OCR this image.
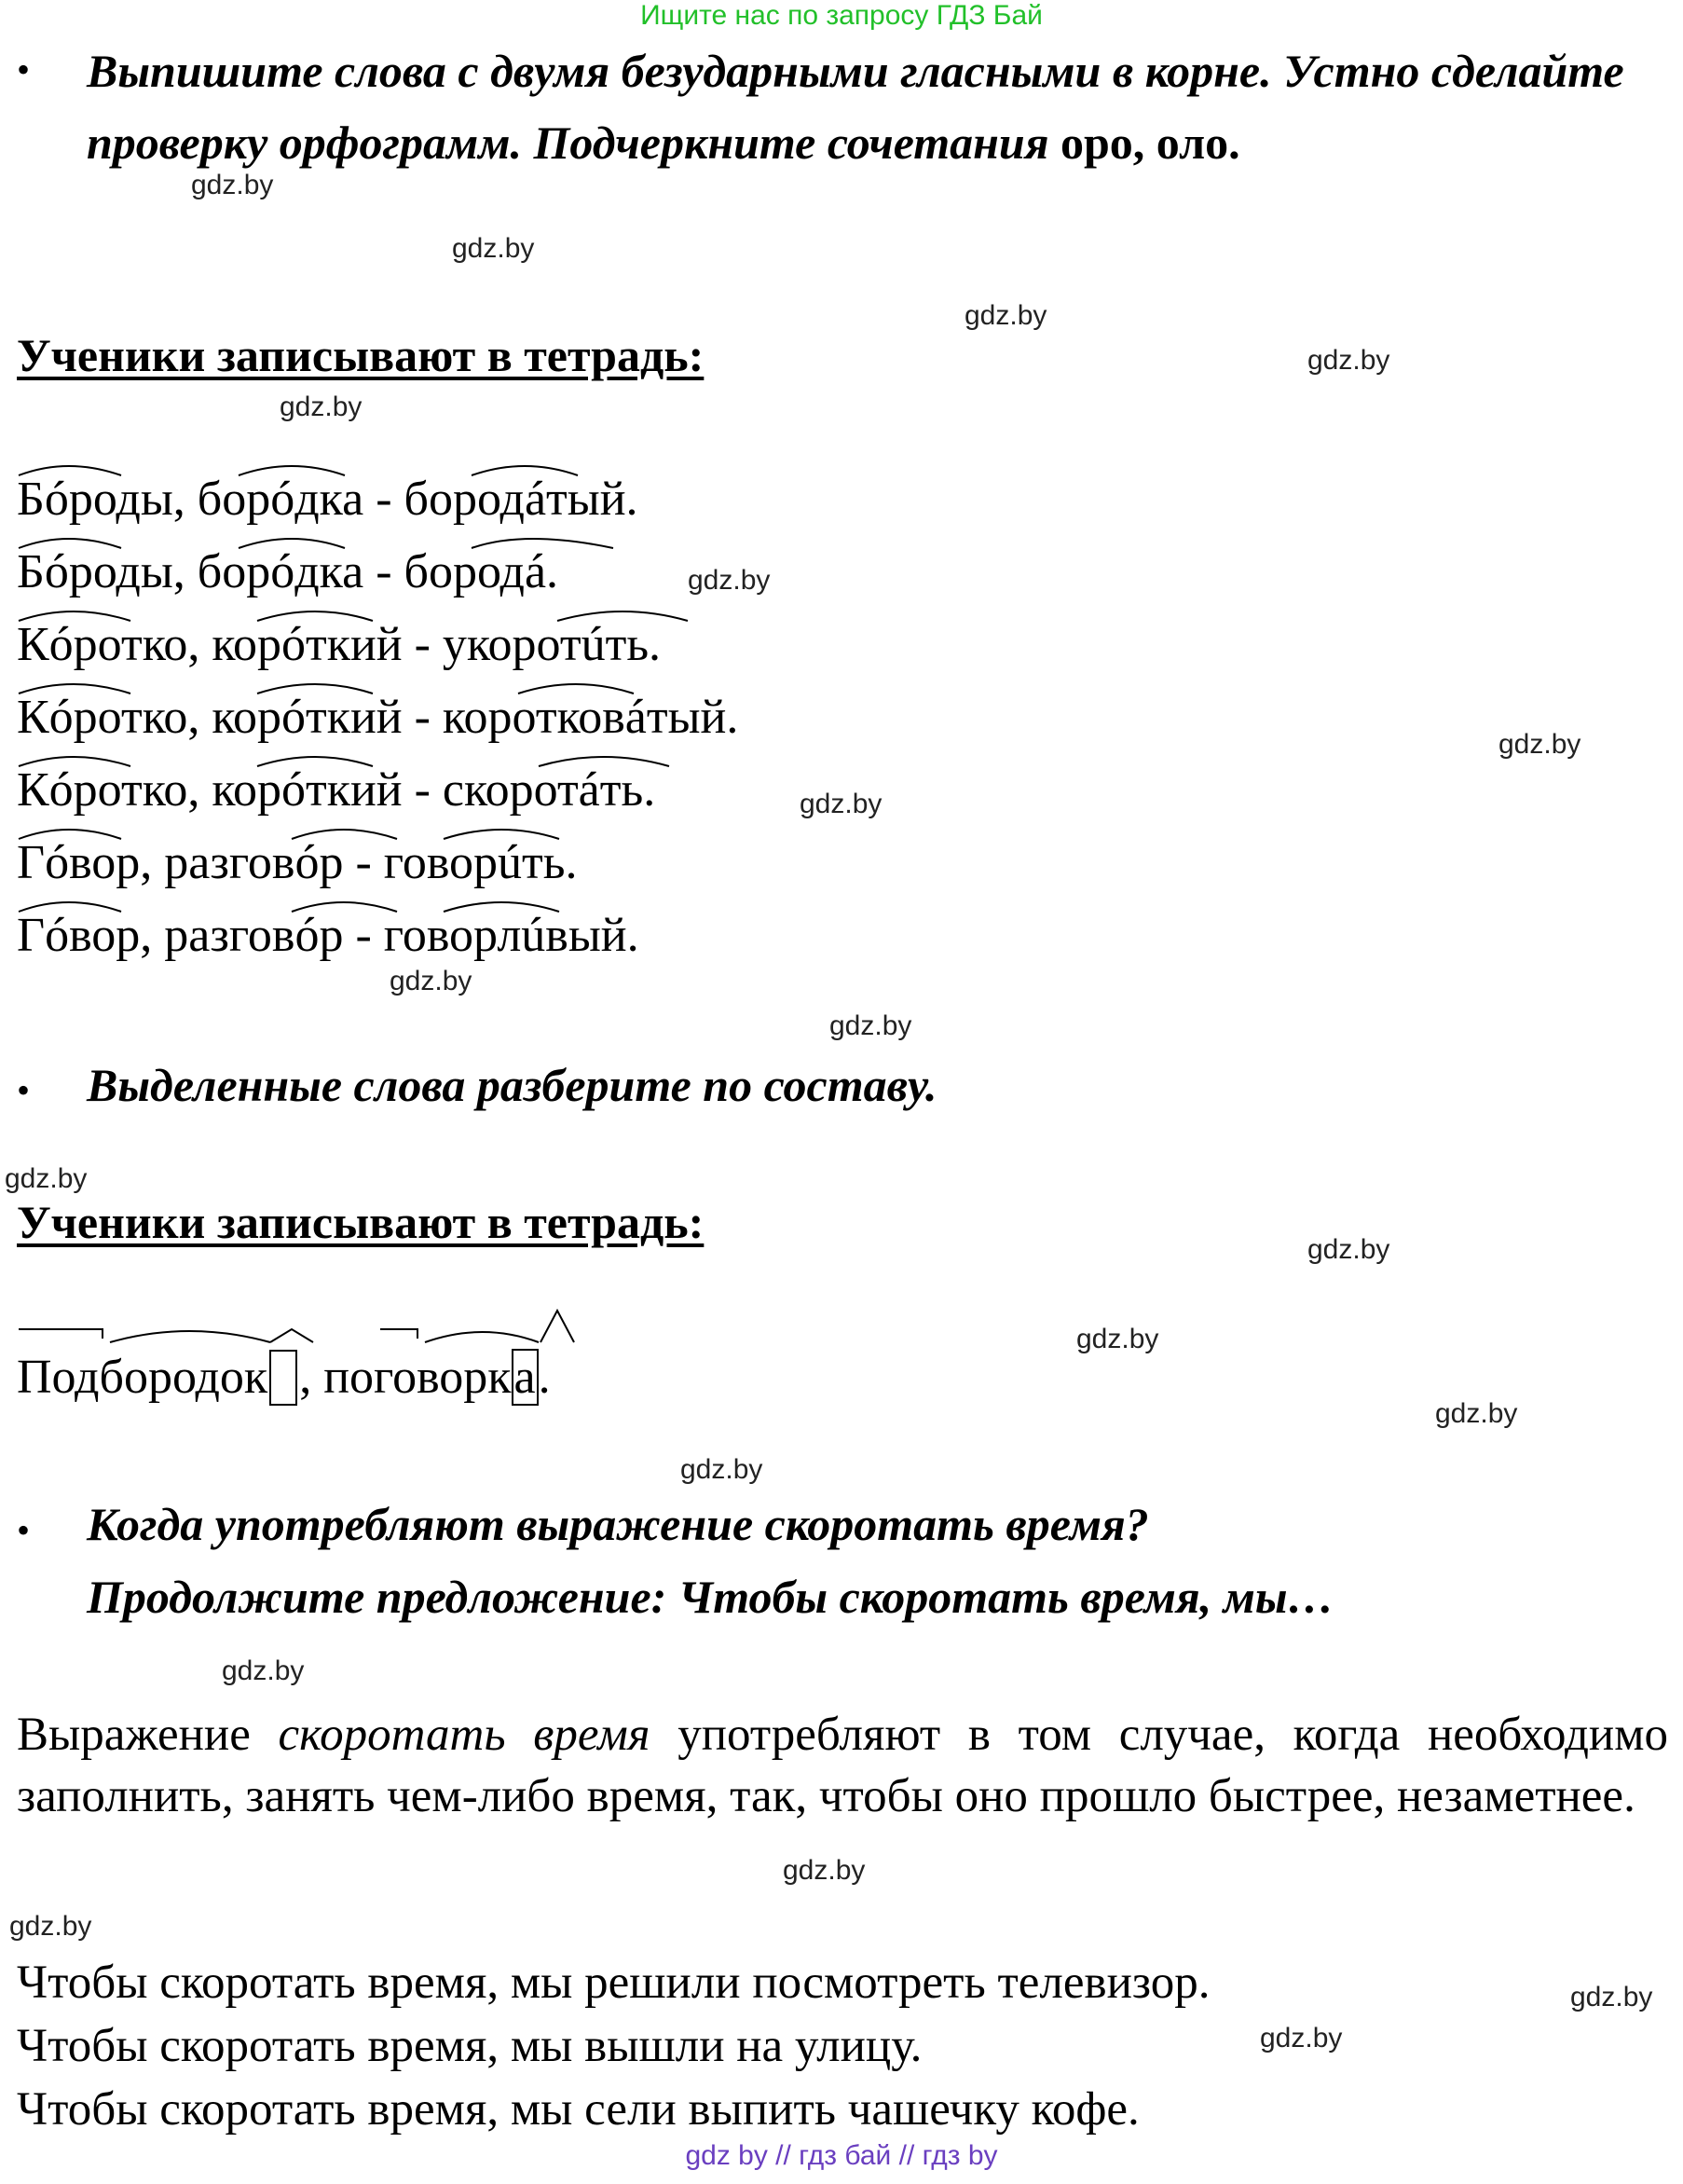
Ищите нас по запросу ГДЗ Бай
• Выпишите слова с двумя безударными гласными в корне. Устно сделайте проверку орфограмм. Подчеркните сочетания оро, оло.
Ученики записывают в тетрадь:
Бóроды, борóдка - бородáтый.
Бóроды, борóдка - бородá.
Кóротко, корóткий - укоротúть.
Кóротко, корóткий - коротковáтый.
Кóротко, корóткий - скоротáть.
Гóвор, разговóр - говорúть.
Гóвор, разговóр - говорлúвый.
• Выделенные слова разберите по составу.
Ученики записывают в тетрадь:
Подбородок , поговорка.
• Когда употребляют выражение скоротать время?
Продолжите предложение: Чтобы скоротать время, мы…
Выражение скоротать время употребляют в том случае, когда необходимо заполнить, занять чем-либо время, так, чтобы оно прошло быстрее, незаметнее.
Чтобы скоротать время, мы решили посмотреть телевизор.
Чтобы скоротать время, мы вышли на улицу.
Чтобы скоротать время, мы сели выпить чашечку кофе.
gdz.by
gdz.by
gdz.by
gdz.by
gdz.by
gdz.by
gdz.by
gdz.by
gdz.by
gdz.by
gdz.by
gdz.by
gdz.by
gdz.by
gdz.by
gdz.by
gdz.by
gdz.by
gdz.by
gdz.by
gdz by // гдз бай // гдз by
